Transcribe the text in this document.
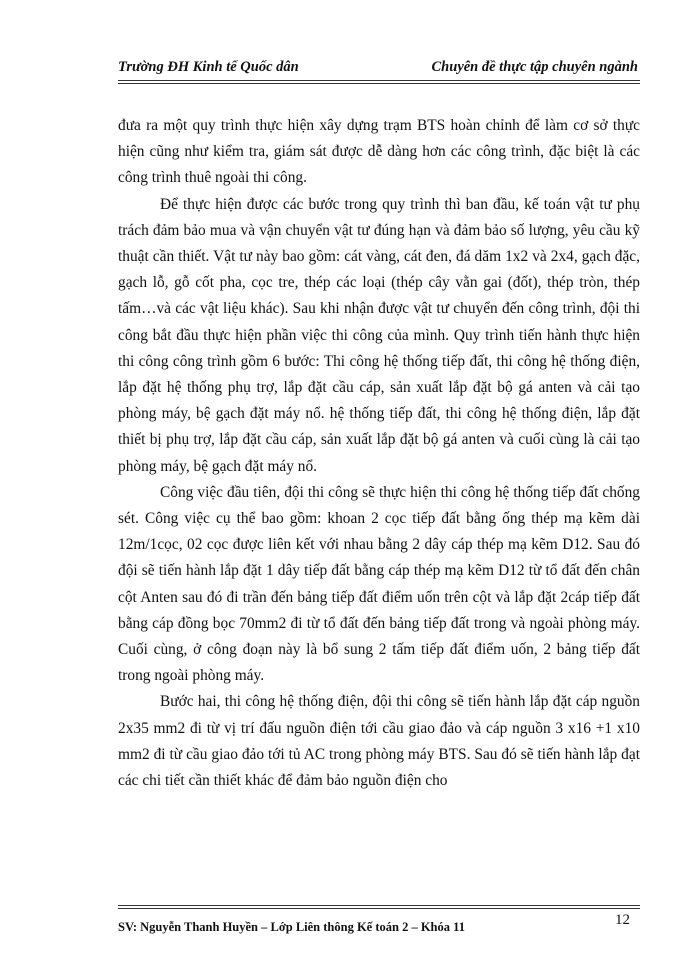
Trường ĐH Kinh tế Quốc dân	Chuyên đề thực tập chuyên ngành

đưa ra một quy trình thực hiện xây dựng trạm BTS hoàn chỉnh để làm cơ sở thực hiện cũng như kiểm tra, giám sát được dễ dàng hơn các công trình, đặc biệt là các công trình thuê ngoài thi công.

Để thực hiện được các bước trong quy trình thì ban đầu, kế toán vật tư phụ trách đảm bảo mua và vận chuyển vật tư đúng hạn và đảm bảo số lượng, yêu cầu kỹ thuật cần thiết. Vật tư này bao gồm: cát vàng, cát đen, đá dăm 1x2 và 2x4, gạch đặc, gạch lỗ, gỗ cốt pha, cọc tre, thép các loại (thép cây vằn gai (đốt), thép tròn, thép tấm…và các vật liệu khác). Sau khi nhận được vật tư chuyển đến công trình, đội thi công bắt đầu thực hiện phần việc thi công của mình. Quy trình tiến hành thực hiện thi công công trình gồm 6 bước: Thi công hệ thống tiếp đất, thi công hệ thống điện, lắp đặt hệ thống phụ trợ, lắp đặt cầu cáp, sản xuất lắp đặt bộ gá anten và cải tạo phòng máy, bệ gạch đặt máy nổ. hệ thống tiếp đất, thi công hệ thống điện, lắp đặt thiết bị phụ trợ, lắp đặt cầu cáp, sản xuất lắp đặt bộ gá anten và cuối cùng là cải tạo phòng máy, bệ gạch đặt máy nổ.

Công việc đầu tiên, đội thi công sẽ thực hiện thi công hệ thống tiếp đất chống sét. Công việc cụ thể bao gồm: khoan 2 cọc tiếp đất bằng ống thép mạ kẽm dài 12m/1cọc, 02 cọc được liên kết với nhau bằng 2 dây cáp thép mạ kẽm D12. Sau đó đội sẽ tiến hành lắp đặt 1 dây tiếp đất bằng cáp thép mạ kẽm D12 từ tổ đất đến chân cột Anten sau đó đi trần đến bảng tiếp đất điểm uốn trên cột và lắp đặt 2cáp tiếp đất bằng cáp đồng bọc 70mm2 đi từ tổ đất đến bảng tiếp đất trong và ngoài phòng máy. Cuối cùng, ở công đoạn này là bổ sung 2 tấm tiếp đất điểm uốn, 2 bảng tiếp đất trong ngoài phòng máy.

Bước hai, thi công hệ thống điện, đội thi công sẽ tiến hành lắp đặt cáp nguồn 2x35 mm2 đi từ vị trí đấu nguồn điện tới cầu giao đảo và cáp nguồn 3 x16 +1 x10 mm2 đi từ cầu giao đảo tới tủ AC trong phòng máy BTS. Sau đó sẽ tiến hành lắp đạt các chi tiết cần thiết khác để đảm bảo nguồn điện cho

SV: Nguyễn Thanh Huyền – Lớp Liên thông Kế toán 2 – Khóa 11	12
